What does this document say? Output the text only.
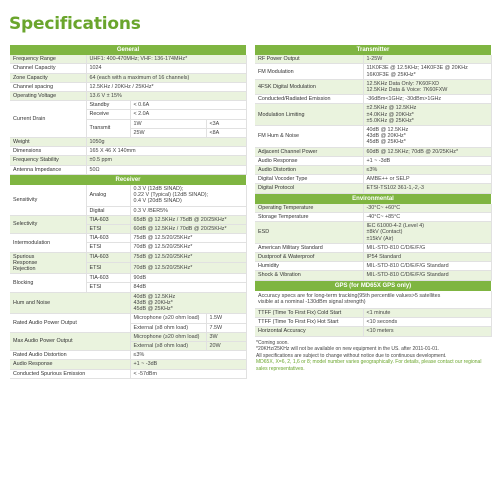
Specifications
General			
Frequency Range	UHF1: 400-470MHz; VHF: 136-174MHz*		
Channel Capacity	1024		
Zone Capacity	64 (each with a maximum of 16 channels)		
Channel spacing	12.5KHz / 20KHz / 25KHz*		
Operating Voltage	13.6 V ± 15%		
Current Drain	Standby	< 0.6A	
	Receive	< 2.0A	
	Transmit	1W	<3A
		25W	<8A
Weight	1050g		
Dimensions	165 X 46 X 140mm		
Frequency Stability	±0.5 ppm		
Antenna Impedance	50Ω		
Receiver			
Sensitivity	Analog	0.3 V (12dB SINAD);
0.22 V (Typical) (12dB SINAD);
0.4 V (20dB SINAD)	
	Digital	0.3 V /BER5%	
Selectivity	TIA-603	65dB @ 12.5KHz / 75dB @ 20/25KHz*	
	ETSI	60dB @ 12.5KHz / 70dB @ 20/25KHz*	
Intermodulation	TIA-603	75dB @ 12.5/20/25KHz*	
	ETSI	70dB @ 12.5/20/25KHz*	
Spurious
Response
Rejection	TIA-603	75dB @ 12.5/20/25KHz*	
	ETSI	70dB @ 12.5/20/25KHz*	
Blocking	TIA-603	90dB	
	ETSI	84dB	
Hum and Noise		40dB @ 12.5KHz
43dB @ 20KHz*
45dB @ 25KHz*	
Rated Audio Power Output		Microphone (≥20 ohm load)	1.5W
		External (≥8 ohm load)	7.5W
Max Audio Power Output		Microphone (≥20 ohm load)	3W
		External (≥8 ohm load)	20W
Rated Audio Distortion		≤3%	
Audio Response		+1 ~ -3dB	
Conducted Spurious Emission		< -57dBm	
Transmitter	
RF Power Output	1-25W
FM Modulation	11K0F3E @ 12.5KHz; 14K0F3E @ 20KHz
16K0F3E @ 25KHz*
4FSK Digital Modulation	12.5KHz Data Only: 7K60FXD
12.5KHz Data & Voice: 7K60FXW
Conducted/Radiated Emission	-36dBm<1GHz; -30dBm>1GHz
Modulation Limiting	±2.5KHz @ 12.5KHz
±4.0KHz @ 20KHz*
±5.0KHz @ 25KHz*
FM Hum & Noise	40dB @ 12.5KHz
43dB @ 20KHz*
45dB @ 25KHz*
Adjacent Channel Power	60dB @ 12.5KHz; 70dB @ 20/25KHz*
Audio Response	+1 ~ -3dB
Audio Distortion	≤3%
Digital Vocoder Type	AMBE++ or SELP
Digital Protocol	ETSI-TS102 361-1,-2,-3
Environmental	
Operating Temperature	-30°C~ +60°C
Storage Temperature	-40°C~ +85°C
ESD	IEC 61000-4-2 (Level 4)
±8kV (Contact)
±15kV (Air)
American Military Standard	MIL-STD-810 C/D/E/F/G
Dustproof & Waterproof	IP54 Standard
Humidity	MIL-STD-810 C/D/E/F/G Standard
Shock & Vibration	MIL-STD-810 C/D/E/F/G Standard
GPS (for MD65X GPS only)	
Accuracy specs are for long-term tracking(95th percentile values>5 satellites
visible at a nominal -130dBm signal strength)	
TTFF (Time To First Fix) Cold Start	<1 minute
TTFF (Time To First Fix) Hot Start	<10 seconds
Horizontal Accuracy	<10 meters
*Coming soon.
*20KHz/25KHz will not be available on new equipment in the US. after 2011-01-01.
All specifications are subject to change without notice due to continuous development.
MD65X, X=6, 2, 1,6 or 8; model number varies geographically. For details, please contact our regional sales representatives.
